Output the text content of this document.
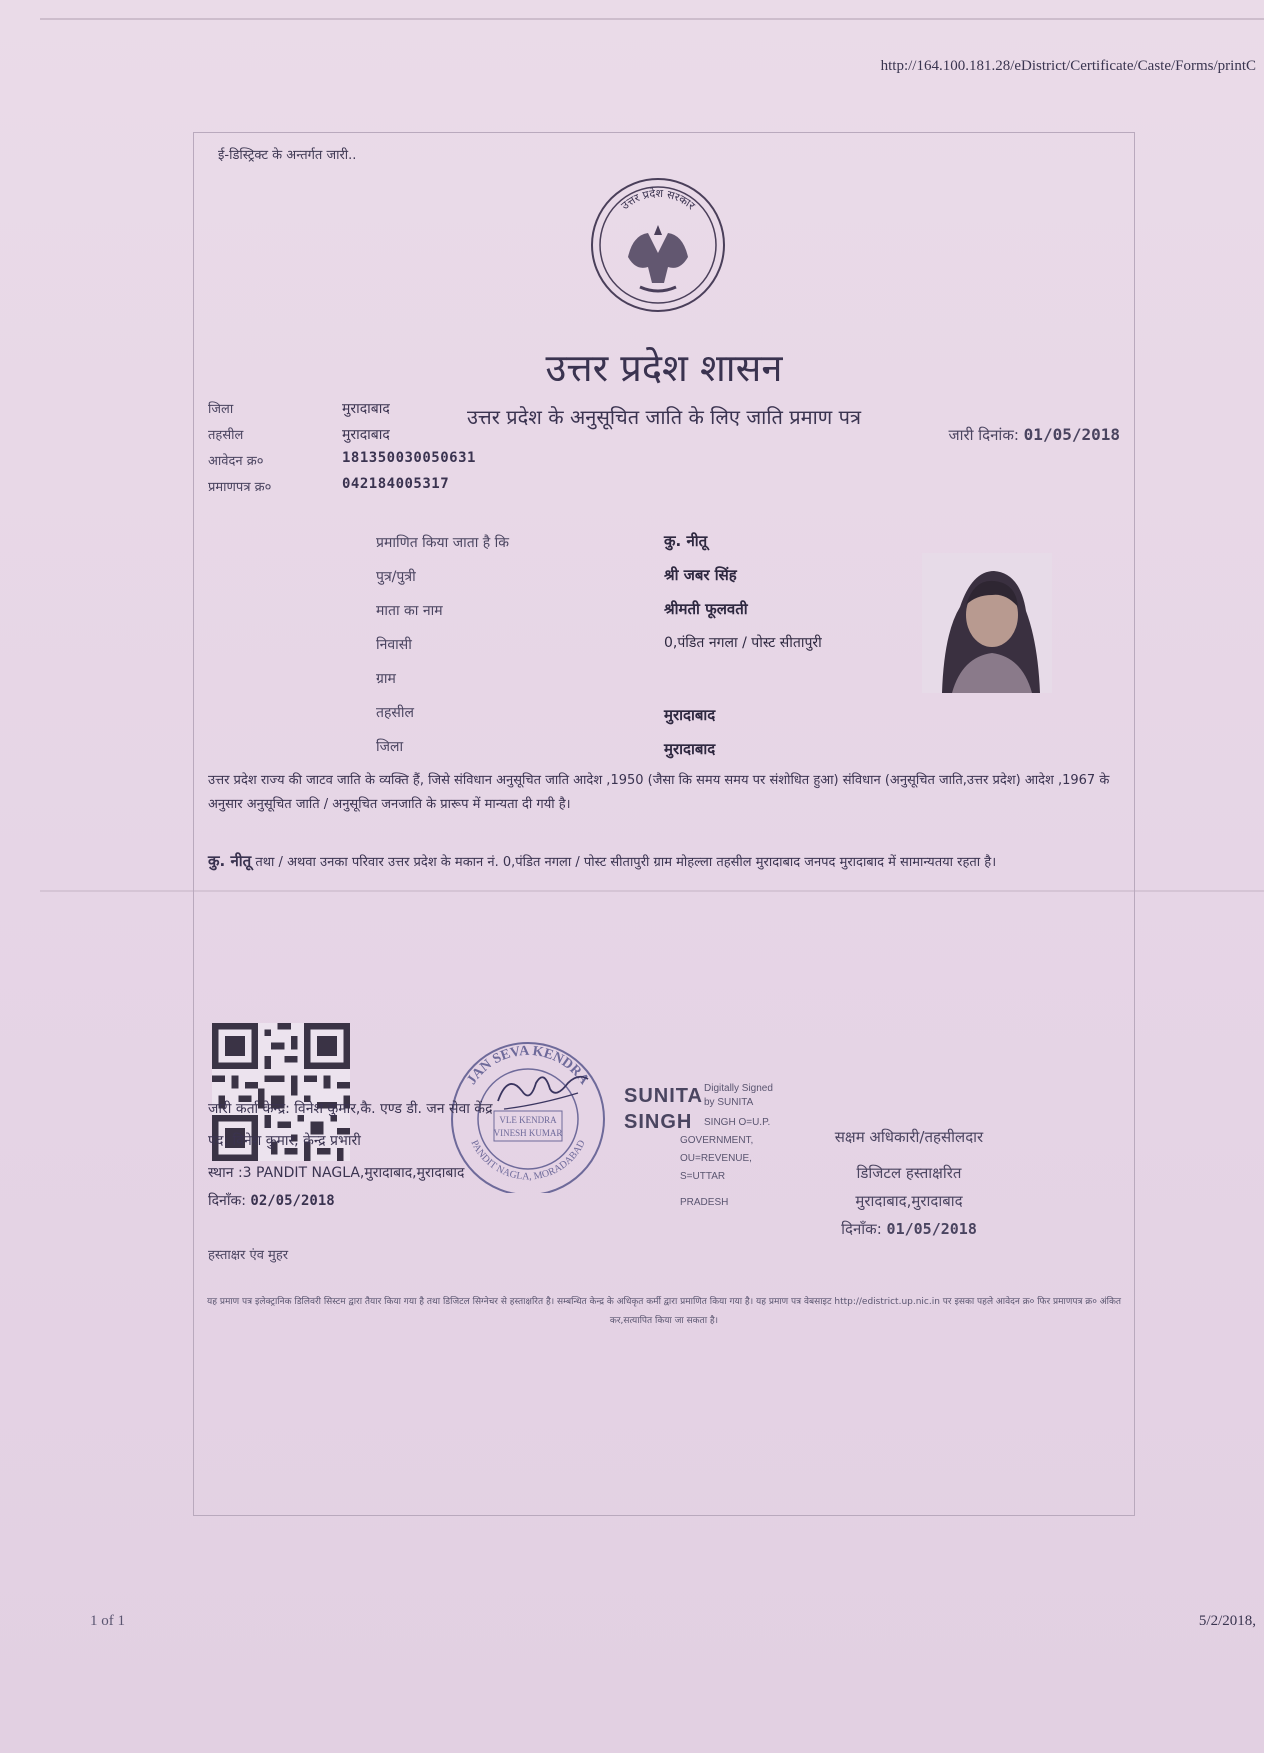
http://164.100.181.28/eDistrict/Certificate/Caste/Forms/printC
ई-डिस्ट्रिक्ट के अन्तर्गत जारी..
उत्तर प्रदेश सरकार
उत्तर प्रदेश शासन
उत्तर प्रदेश के अनुसूचित जाति के लिए जाति प्रमाण पत्र
जिला	मुरादाबाद
तहसील	मुरादाबाद
आवेदन क्र०	181350030050631
प्रमाणपत्र क्र०	042184005317
जारी दिनांक: 01/05/2018
प्रमाणित किया जाता है कि	कु. नीतू
पुत्र/पुत्री	श्री जबर सिंह
माता का नाम	श्रीमती फूलवती
निवासी	0,पंडित नगला / पोस्ट सीतापुरी
ग्राम
तहसील	मुरादाबाद
जिला	मुरादाबाद
उत्तर प्रदेश राज्य की जाटव जाति के व्यक्ति हैं, जिसे संविधान अनुसूचित जाति आदेश ,1950 (जैसा कि समय समय पर संशोधित हुआ) संविधान (अनुसूचित जाति,उत्तर प्रदेश) आदेश ,1967 के अनुसार अनुसूचित जाति / अनुसूचित जनजाति के प्रारूप में मान्यता दी गयी है।
कु. नीतू तथा / अथवा उनका परिवार उत्तर प्रदेश के मकान नं. 0,पंडित नगला / पोस्ट सीतापुरी ग्राम मोहल्ला तहसील मुरादाबाद जनपद मुरादाबाद में सामान्यतया रहता है।
JAN SEVA KENDRA
PANDIT NAGLA, MORADABAD
VLE KENDRA
VINESH KUMAR
जारी कर्ता केन्द्र: विनेश कुमार,कै. एण्ड डी. जन सेवा केंद्र
पद: विनेश कुमार, केन्द्र प्रभारी
स्थान :3 PANDIT NAGLA,मुरादाबाद,मुरादाबाद
दिनाँक: 02/05/2018
SUNITA
SINGH
Digitally Signed
by SUNITA
SINGH O=U.P.
GOVERNMENT,
OU=REVENUE,
S=UTTAR
PRADESH
सक्षम अधिकारी/तहसीलदार
डिजिटल हस्ताक्षरित
मुरादाबाद,मुरादाबाद
दिनाँक: 01/05/2018
हस्ताक्षर एंव मुहर
यह प्रमाण पत्र इलेक्ट्रानिक डिलिवरी सिस्टम द्वारा तैयार किया गया है तथा डिजिटल सिग्नेचर से हस्ताक्षरित है। सम्बन्धित केन्द्र के अधिकृत कर्मी द्वारा प्रमाणित किया गया है। यह प्रमाण पत्र वेबसाइट http://edistrict.up.nic.in पर इसका पहले आवेदन क्र० फिर प्रमाणपत्र क्र० अंकित कर,सत्यापित किया जा सकता है।
1 of 1	5/2/2018,
